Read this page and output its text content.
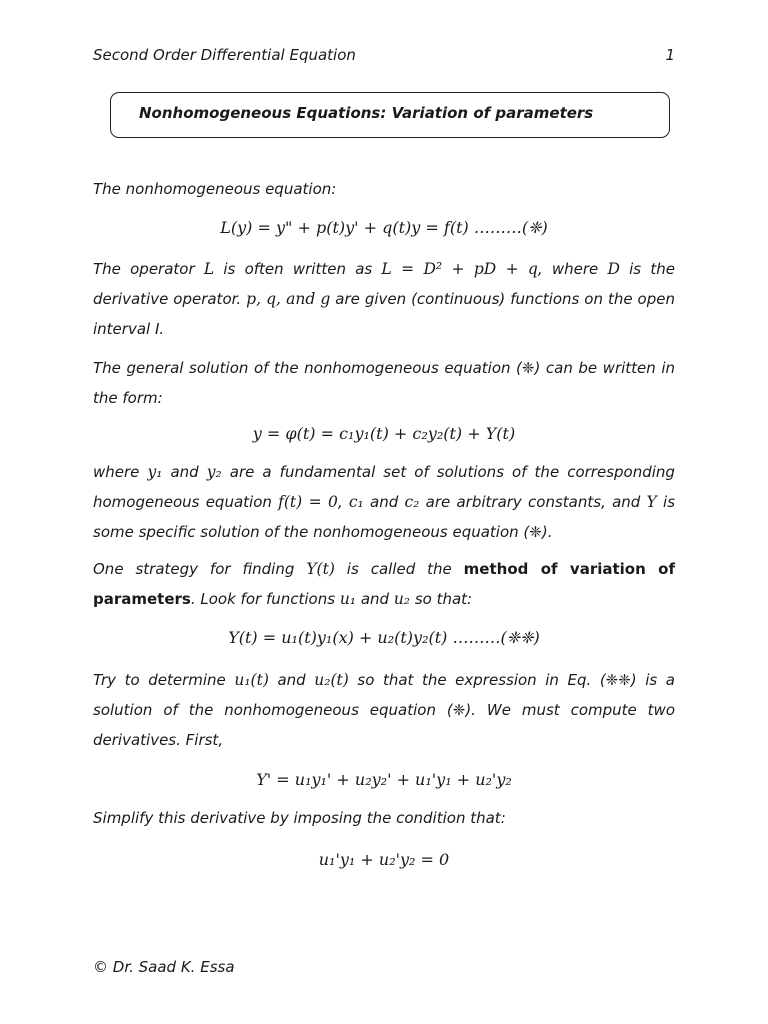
Second Order Differential Equation	1
Nonhomogeneous Equations: Variation of parameters
The nonhomogeneous equation:
L(y) = y" + p(t)y' + q(t)y = f(t) ………(❈)
The operator L is often written as L = D² + pD + q, where D is the derivative operator. p, q, and g are given (continuous) functions on the open interval I.
The general solution of the nonhomogeneous equation (❈) can be written in the form:
y = φ(t) = c₁y₁(t) + c₂y₂(t) + Y(t)
where y₁ and y₂ are a fundamental set of solutions of the corresponding homogeneous equation f(t) = 0, c₁ and c₂ are arbitrary constants, and Y is some specific solution of the nonhomogeneous equation (❈).
One strategy for finding Y(t) is called the method of variation of parameters. Look for functions u₁ and u₂ so that:
Y(t) = u₁(t)y₁(x) + u₂(t)y₂(t) ………(❈❈)
Try to determine u₁(t) and u₂(t) so that the expression in Eq. (❈❈) is a solution of the nonhomogeneous equation (❈). We must compute two derivatives. First,
Y' = u₁y₁' + u₂y₂' + u₁'y₁ + u₂'y₂
Simplify this derivative by imposing the condition that:
u₁'y₁ + u₂'y₂ = 0
© Dr. Saad K. Essa
